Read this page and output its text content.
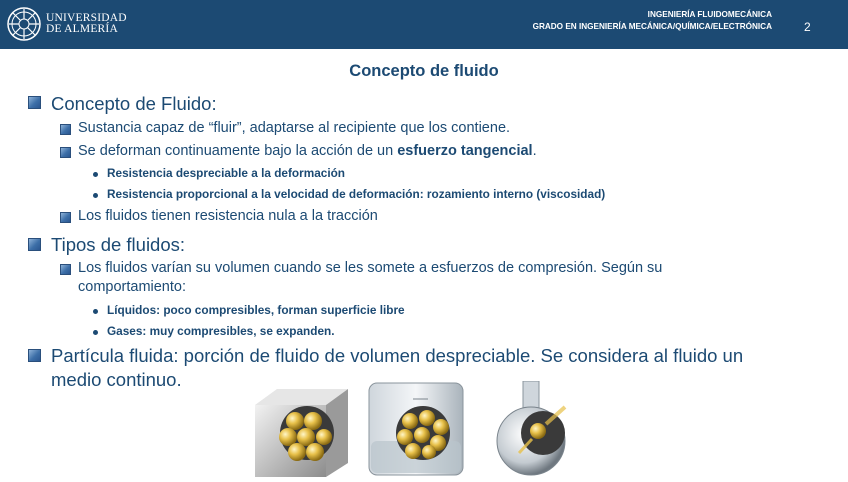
UNIVERSIDAD
DE ALMERÍA
INGENIERÍA FLUIDOMECÁNICA
GRADO EN INGENIERÍA MECÁNICA/QUÍMICA/ELECTRÓNICA	2
Concepto de fluido
Concepto de Fluido:
Sustancia capaz de “fluir”, adaptarse al recipiente que los contiene.
Se deforman continuamente bajo la acción de un esfuerzo tangencial.
Resistencia despreciable a la deformación
Resistencia proporcional a la velocidad de deformación: rozamiento interno (viscosidad)
Los fluidos tienen resistencia nula a la tracción
Tipos de fluidos:
Los fluidos varían su volumen cuando se les somete a esfuerzos de compresión. Según su
comportamiento:
Líquidos: poco compresibles, forman superficie libre
Gases: muy compresibles, se expanden.
Partícula fluida: porción de fluido de volumen despreciable. Se considera al fluido un
medio continuo.
